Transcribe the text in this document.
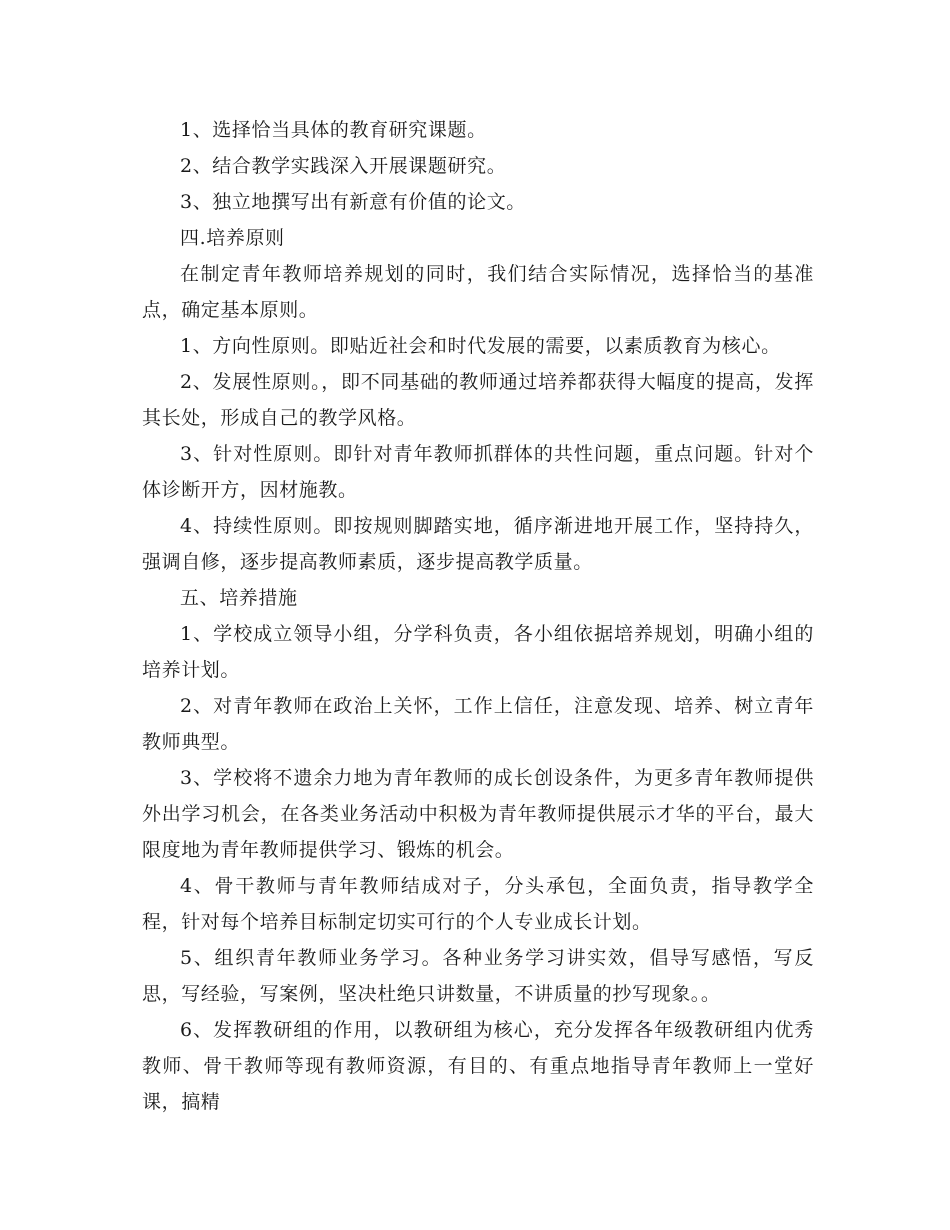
1、选择恰当具体的教育研究课题。

2、结合教学实践深入开展课题研究。

3、独立地撰写出有新意有价值的论文。

四.培养原则

在制定青年教师培养规划的同时，我们结合实际情况，选择恰当的基准点，确定基本原则。

1、方向性原则。即贴近社会和时代发展的需要，以素质教育为核心。

2、发展性原则。，即不同基础的教师通过培养都获得大幅度的提高，发挥其长处，形成自己的教学风格。

3、针对性原则。即针对青年教师抓群体的共性问题，重点问题。针对个体诊断开方，因材施教。

4、持续性原则。即按规则脚踏实地，循序渐进地开展工作，坚持持久，强调自修，逐步提高教师素质，逐步提高教学质量。

五、培养措施

1、学校成立领导小组，分学科负责，各小组依据培养规划，明确小组的培养计划。

2、对青年教师在政治上关怀，工作上信任，注意发现、培养、树立青年教师典型。

3、学校将不遗余力地为青年教师的成长创设条件，为更多青年教师提供外出学习机会，在各类业务活动中积极为青年教师提供展示才华的平台，最大限度地为青年教师提供学习、锻炼的机会。

4、骨干教师与青年教师结成对子，分头承包，全面负责，指导教学全程，针对每个培养目标制定切实可行的个人专业成长计划。

5、组织青年教师业务学习。各种业务学习讲实效，倡导写感悟，写反思，写经验，写案例，坚决杜绝只讲数量，不讲质量的抄写现象。。

6、发挥教研组的作用，以教研组为核心，充分发挥各年级教研组内优秀教师、骨干教师等现有教师资源，有目的、有重点地指导青年教师上一堂好课，搞精
